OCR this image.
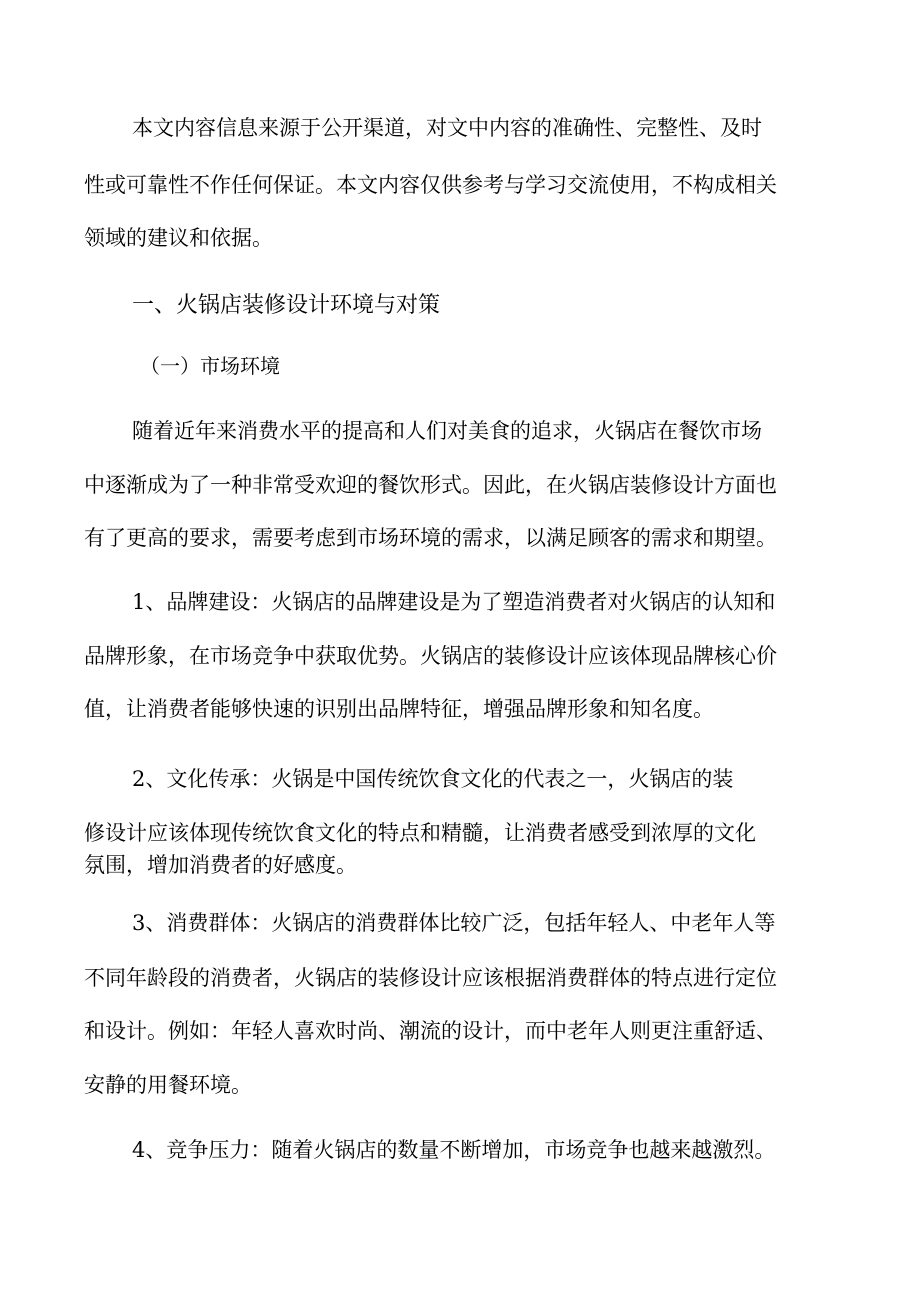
本文内容信息来源于公开渠道，对文中内容的准确性、完整性、及时
性或可靠性不作任何保证。本文内容仅供参考与学习交流使用，不构成相关
领域的建议和依据。
一、火锅店装修设计环境与对策
（一）市场环境
随着近年来消费水平的提高和人们对美食的追求，火锅店在餐饮市场
中逐渐成为了一种非常受欢迎的餐饮形式。因此，在火锅店装修设计方面也
有了更高的要求，需要考虑到市场环境的需求，以满足顾客的需求和期望。
1、品牌建设：火锅店的品牌建设是为了塑造消费者对火锅店的认知和
品牌形象，在市场竞争中获取优势。火锅店的装修设计应该体现品牌核心价
值，让消费者能够快速的识别出品牌特征，增强品牌形象和知名度。
2、文化传承：火锅是中国传统饮食文化的代表之一，火锅店的装
修设计应该体现传统饮食文化的特点和精髓，让消费者感受到浓厚的文化
氛围，增加消费者的好感度。
3、消费群体：火锅店的消费群体比较广泛，包括年轻人、中老年人等
不同年龄段的消费者，火锅店的装修设计应该根据消费群体的特点进行定位
和设计。例如：年轻人喜欢时尚、潮流的设计，而中老年人则更注重舒适、
安静的用餐环境。
4、竞争压力：随着火锅店的数量不断增加，市场竞争也越来越激烈。
